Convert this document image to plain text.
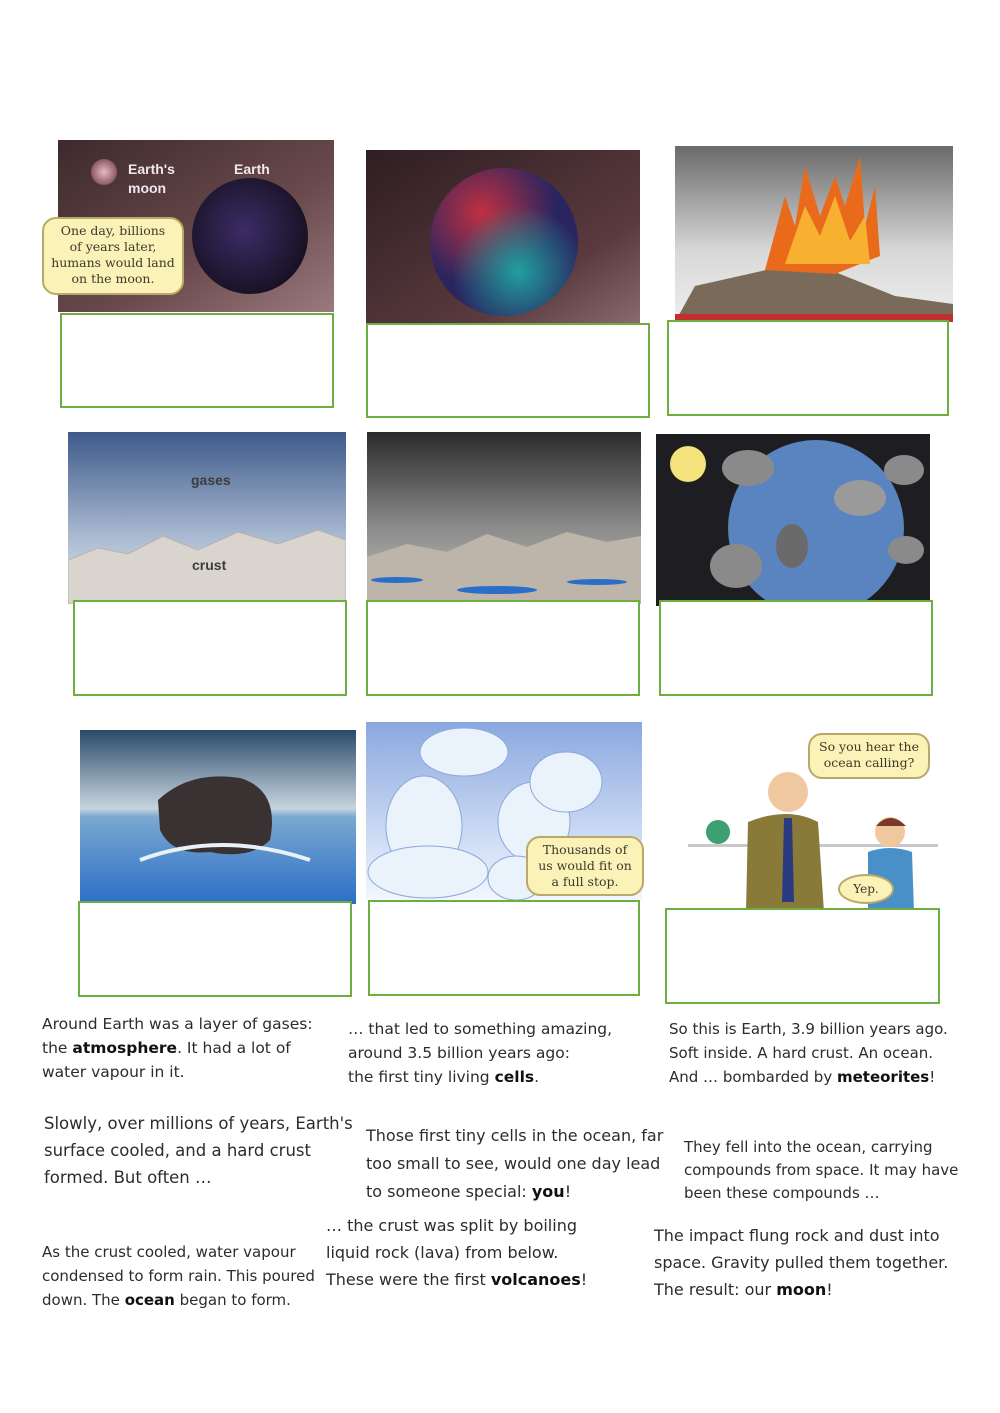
Earth's
moon
Earth
One day, billions
of years later,
humans would land
on the moon.
gases
crust
Thousands of
us would fit on
a full stop.
So you hear the
ocean calling?
Yep.
Around Earth was a layer of gases:
the atmosphere. It had a lot of
water vapour in it.
… that led to something amazing,
around 3.5 billion years ago:
the first tiny living cells.
So this is Earth, 3.9 billion years ago.
Soft inside. A hard crust. An ocean.
And … bombarded by meteorites!
Slowly, over millions of years, Earth's
surface cooled, and a hard crust
formed. But often …
Those first tiny cells in the ocean, far
too small to see, would one day lead
to someone special: you!
They fell into the ocean, carrying
compounds from space. It may have
been these compounds …
As the crust cooled, water vapour
condensed to form rain. This poured
down. The ocean began to form.
… the crust was split by boiling
liquid rock (lava) from below.
These were the first volcanoes!
The impact flung rock and dust into
space. Gravity pulled them together.
The result: our moon!
